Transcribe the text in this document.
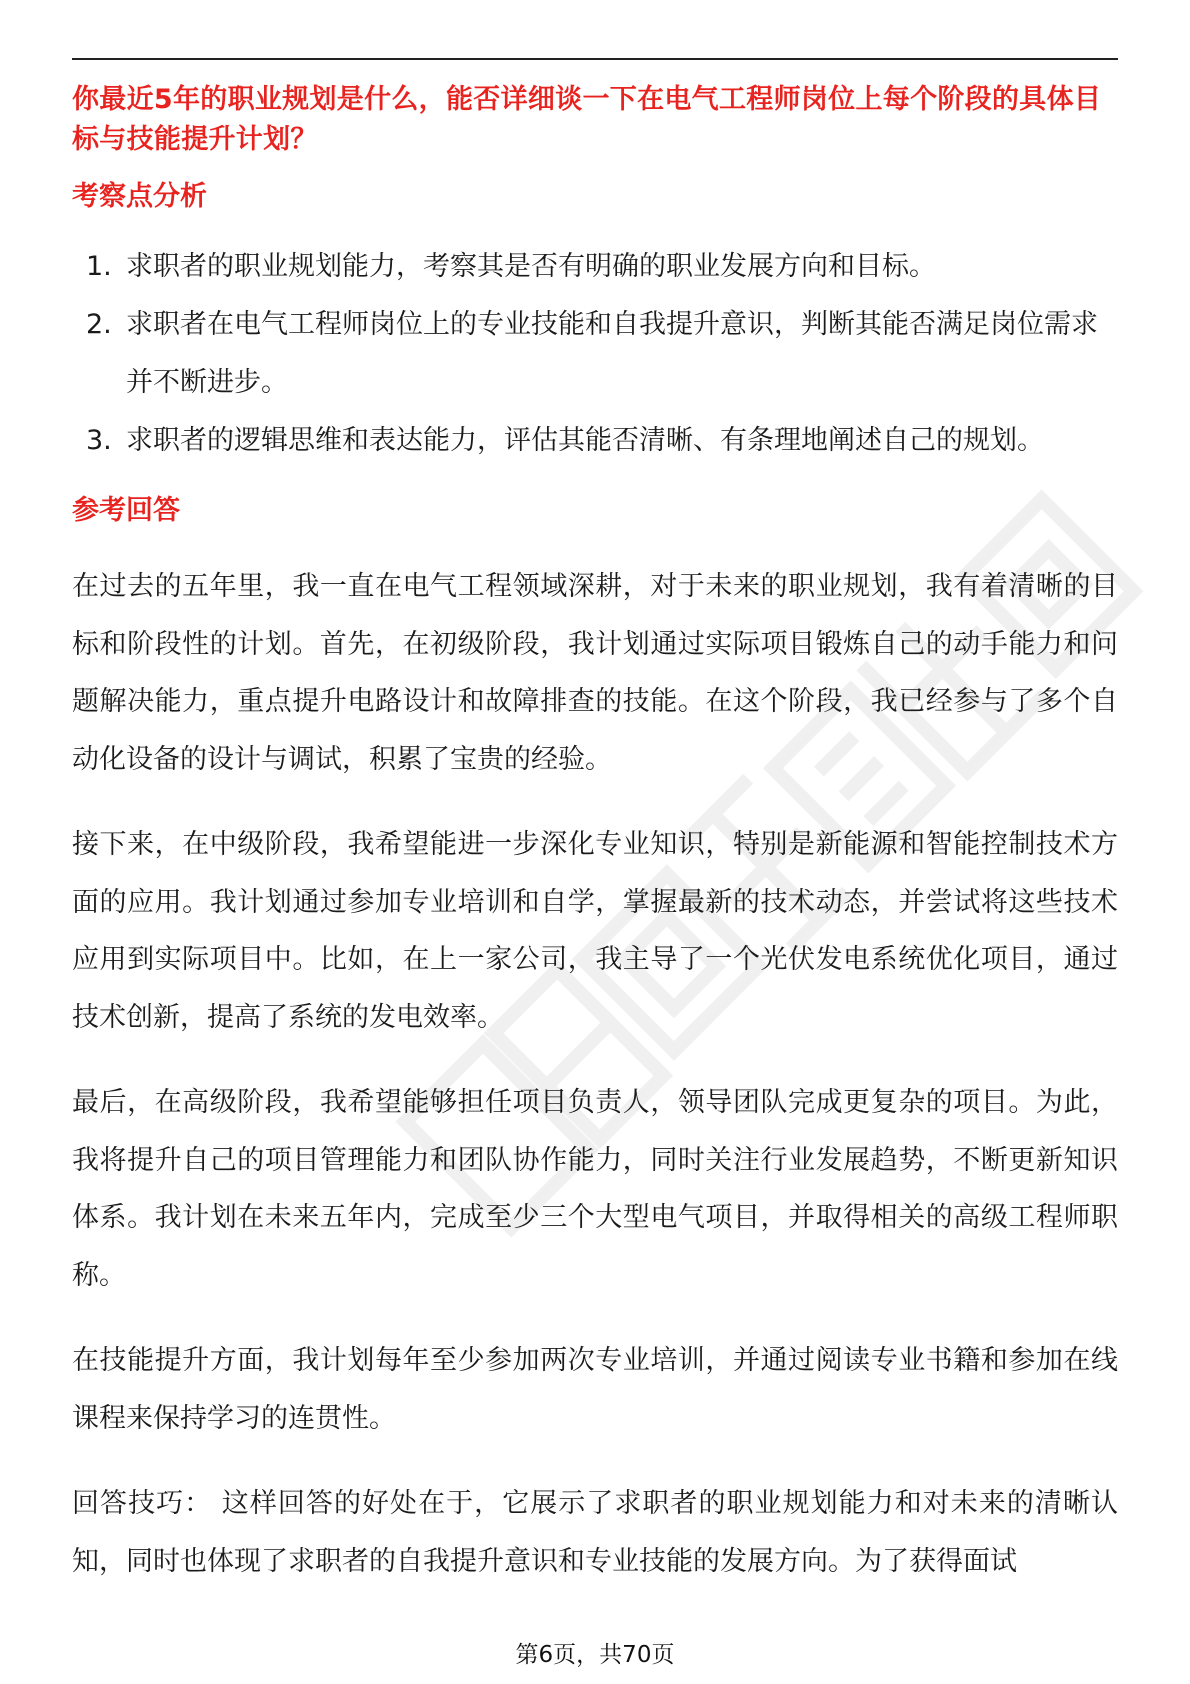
你最近5年的职业规划是什么，能否详细谈一下在电气工程师岗位上每个阶段的具体目标与技能提升计划？

考察点分析
1. 求职者的职业规划能力，考察其是否有明确的职业发展方向和目标。
2. 求职者在电气工程师岗位上的专业技能和自我提升意识，判断其能否满足岗位需求并不断进步。
3. 求职者的逻辑思维和表达能力，评估其能否清晰、有条理地阐述自己的规划。
参考回答

在过去的五年里，我一直在电气工程领域深耕，对于未来的职业规划，我有着清晰的目标和阶段性的计划。首先，在初级阶段，我计划通过实际项目锻炼自己的动手能力和问题解决能力，重点提升电路设计和故障排查的技能。在这个阶段，我已经参与了多个自动化设备的设计与调试，积累了宝贵的经验。

接下来，在中级阶段，我希望能进一步深化专业知识，特别是新能源和智能控制技术方面的应用。我计划通过参加专业培训和自学，掌握最新的技术动态，并尝试将这些技术应用到实际项目中。比如，在上一家公司，我主导了一个光伏发电系统优化项目，通过技术创新，提高了系统的发电效率。

最后，在高级阶段，我希望能够担任项目负责人，领导团队完成更复杂的项目。为此，我将提升自己的项目管理能力和团队协作能力，同时关注行业发展趋势，不断更新知识体系。我计划在未来五年内，完成至少三个大型电气项目，并取得相关的高级工程师职称。

在技能提升方面，我计划每年至少参加两次专业培训，并通过阅读专业书籍和参加在线课程来保持学习的连贯性。

回答技巧： 这样回答的好处在于，它展示了求职者的职业规划能力和对未来的清晰认知，同时也体现了求职者的自我提升意识和专业技能的发展方向。为了获得面试

第6页，共70页
